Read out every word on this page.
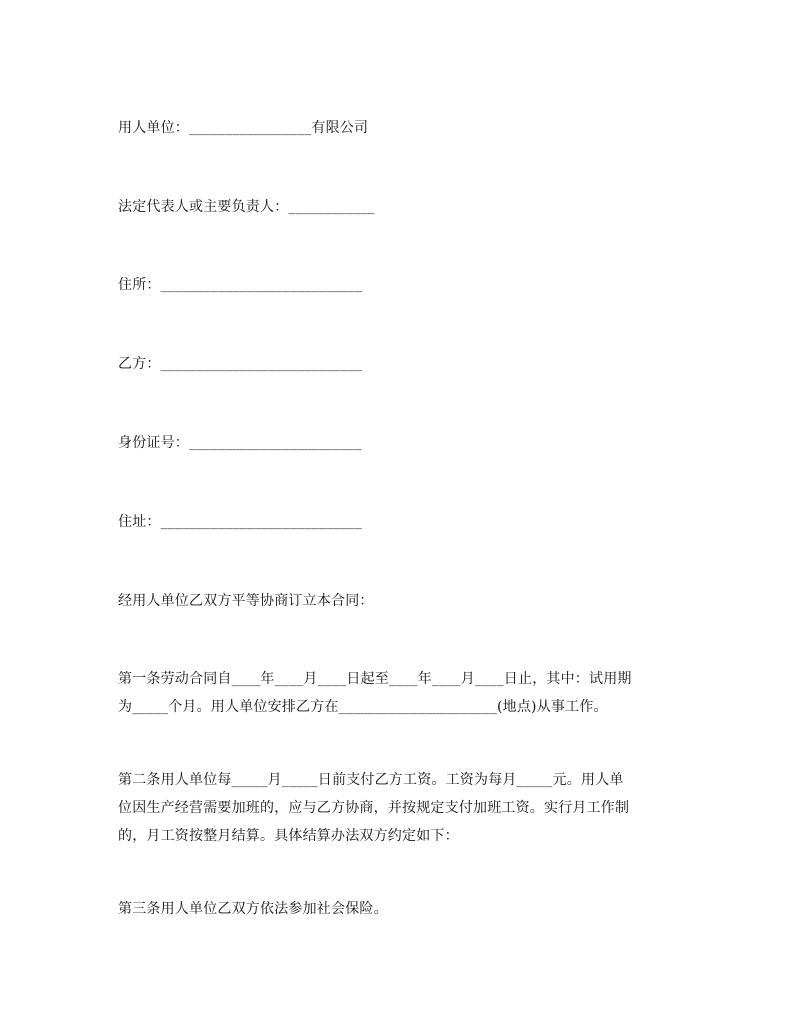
用人单位：_________________有限公司
法定代表人或主要负责人：____________
住所：____________________________
乙方：____________________________
身份证号：________________________
住址：____________________________
经用人单位乙双方平等协商订立本合同：
第一条劳动合同自____年____月____日起至____年____月____日止，其中：试用期
为_____个月。用人单位安排乙方在______________________(地点)从事工作。
第二条用人单位每_____月_____日前支付乙方工资。工资为每月_____元。用人单
位因生产经营需要加班的，应与乙方协商，并按规定支付加班工资。实行月工作制
的，月工资按整月结算。具体结算办法双方约定如下：
第三条用人单位乙双方依法参加社会保险。
